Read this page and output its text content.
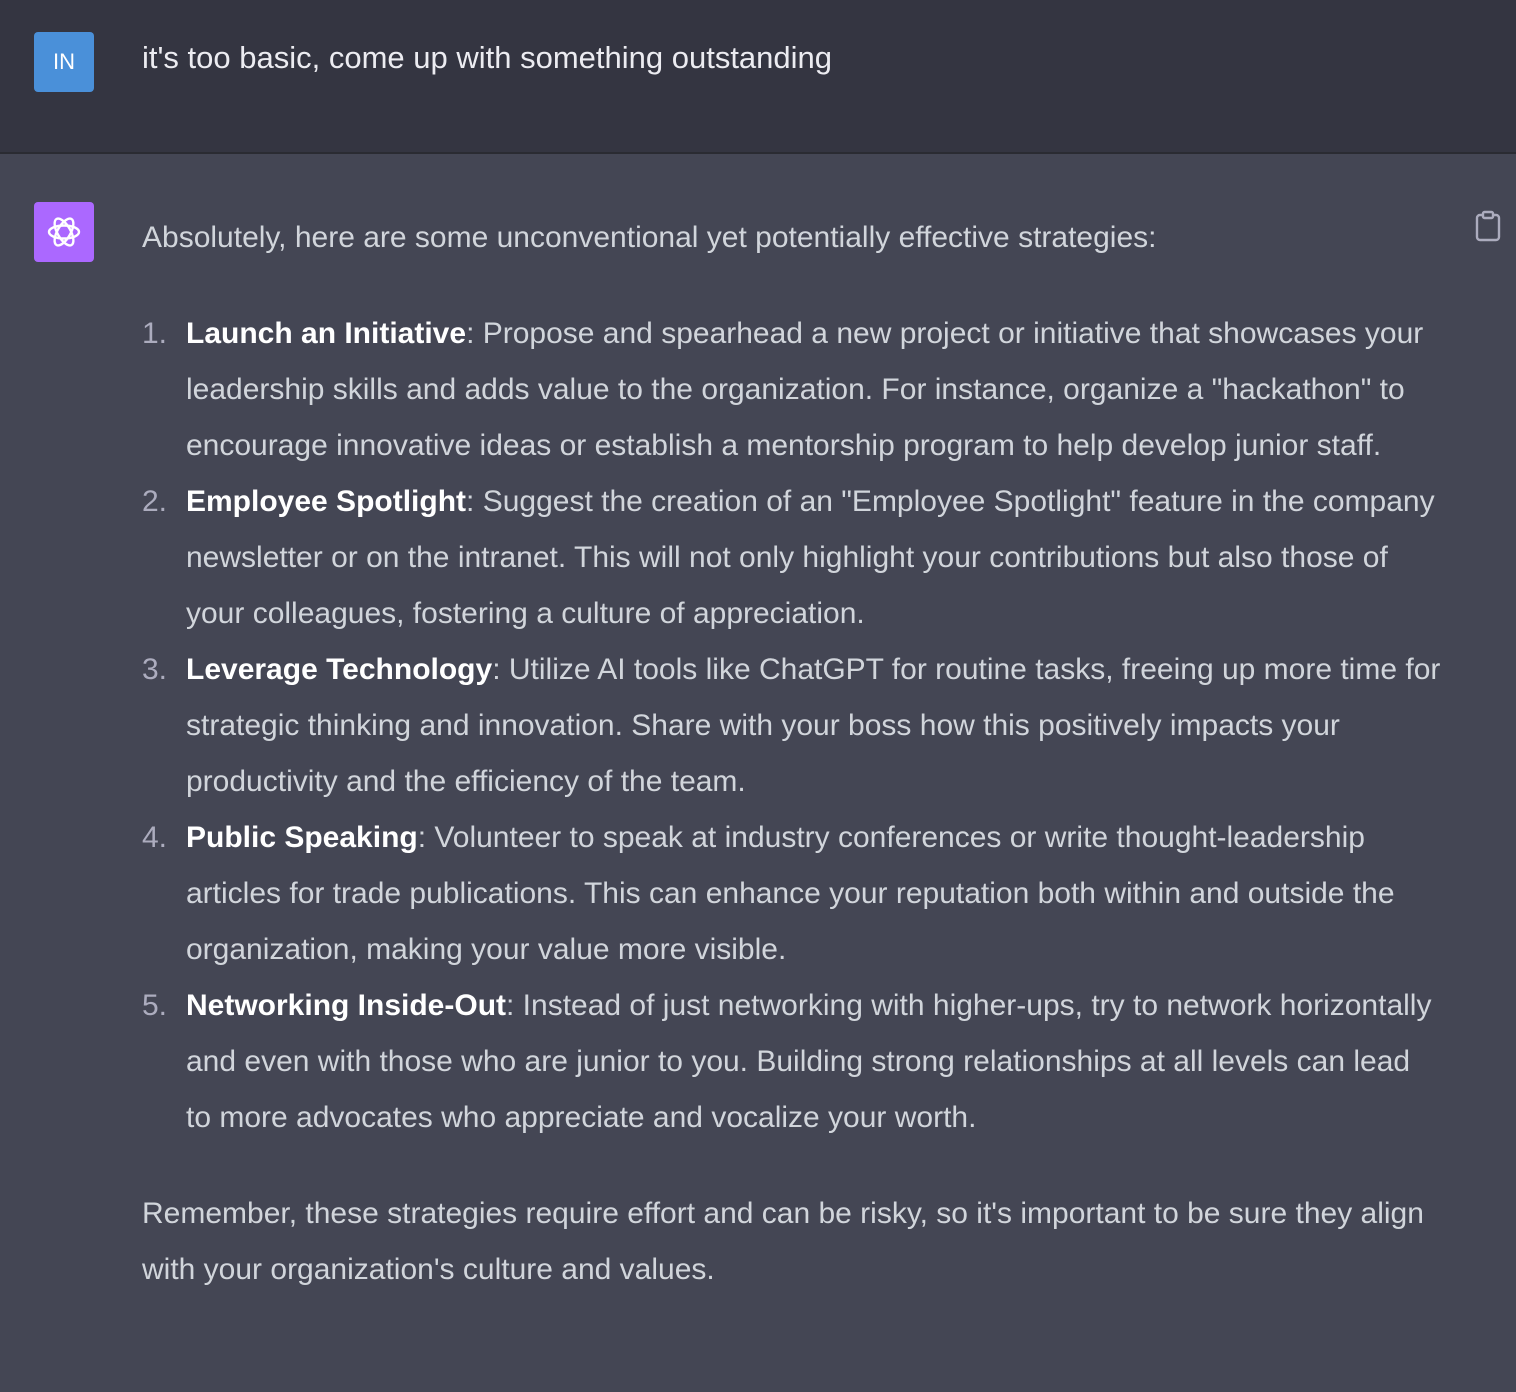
IN it's too basic, come up with something outstanding

Absolutely, here are some unconventional yet potentially effective strategies:

1. Launch an Initiative: Propose and spearhead a new project or initiative that showcases your leadership skills and adds value to the organization. For instance, organize a "hackathon" to encourage innovative ideas or establish a mentorship program to help develop junior staff.
2. Employee Spotlight: Suggest the creation of an "Employee Spotlight" feature in the company newsletter or on the intranet. This will not only highlight your contributions but also those of your colleagues, fostering a culture of appreciation.
3. Leverage Technology: Utilize AI tools like ChatGPT for routine tasks, freeing up more time for strategic thinking and innovation. Share with your boss how this positively impacts your productivity and the efficiency of the team.
4. Public Speaking: Volunteer to speak at industry conferences or write thought-leadership articles for trade publications. This can enhance your reputation both within and outside the organization, making your value more visible.
5. Networking Inside-Out: Instead of just networking with higher-ups, try to network horizontally and even with those who are junior to you. Building strong relationships at all levels can lead to more advocates who appreciate and vocalize your worth.

Remember, these strategies require effort and can be risky, so it's important to be sure they align with your organization's culture and values.
